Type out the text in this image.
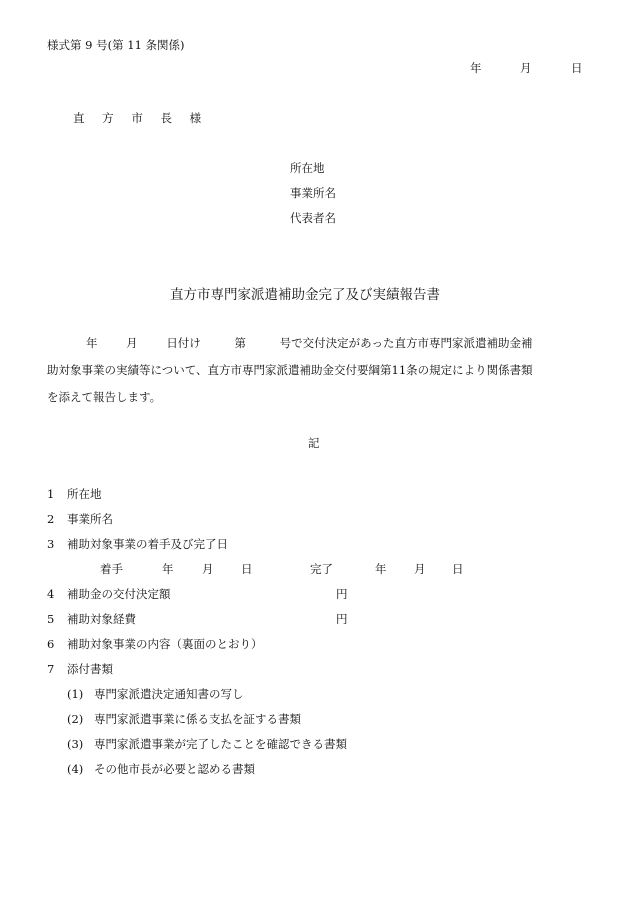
様式第 9 号(第 11 条関係)
年	月	日
直 方 市 長 様
所在地
事業所名
代表者名
直方市専門家派遣補助金完了及び実績報告書
年 月 日付け	第	号で交付決定があった直方市専門家派遣補助金補
助対象事業の実績等について、直方市専門家派遣補助金交付要綱第11条の規定により関係書類
を添えて報告します。
記
1 所在地
2 事業所名
3 補助対象事業の着手及び完了日
着手	年 月 日	完了	年 月 日
4 補助金の交付決定額	円
5 補助対象経費	円
6 補助対象事業の内容（裏面のとおり）
7 添付書類
(1) 専門家派遣決定通知書の写し
(2) 専門家派遣事業に係る支払を証する書類
(3) 専門家派遣事業が完了したことを確認できる書類
(4) その他市長が必要と認める書類
